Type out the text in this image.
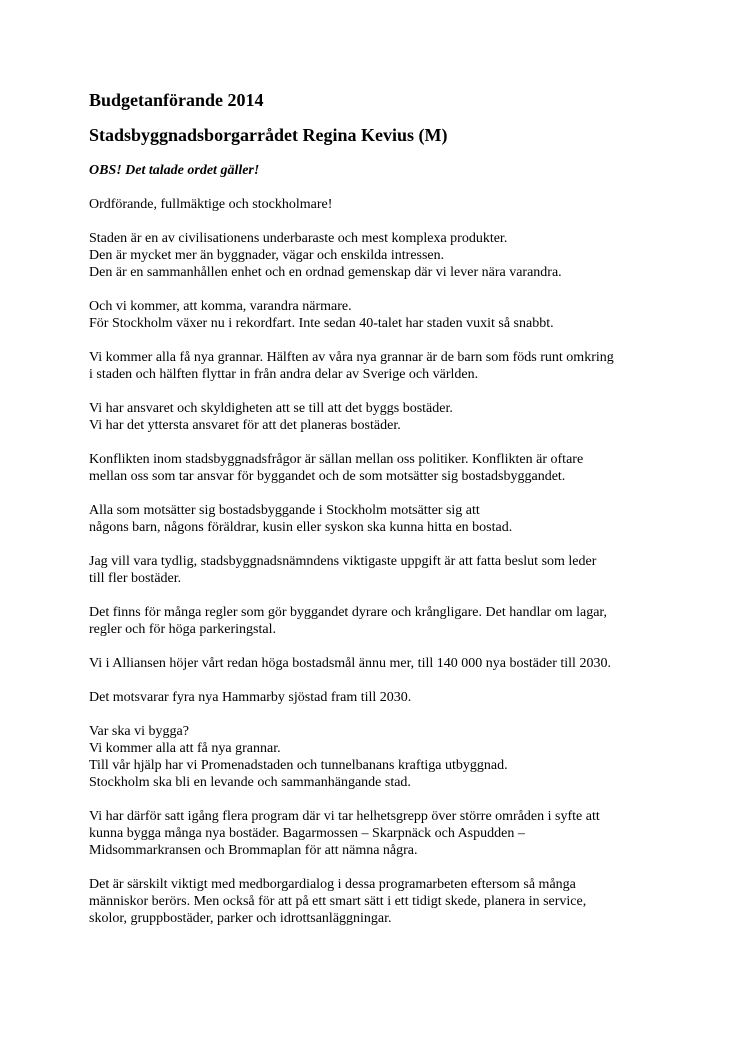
Budgetanförande 2014
Stadsbyggnadsborgarrådet Regina Kevius (M)
OBS! Det talade ordet gäller!
Ordförande, fullmäktige och stockholmare!
Staden är en av civilisationens underbaraste och mest komplexa produkter.
Den är mycket mer än byggnader, vägar och enskilda intressen.
Den är en sammanhållen enhet och en ordnad gemenskap där vi lever nära varandra.
Och vi kommer, att komma, varandra närmare.
För Stockholm växer nu i rekordfart. Inte sedan 40-talet har staden vuxit så snabbt.
Vi kommer alla få nya grannar. Hälften av våra nya grannar är de barn som föds runt omkring
i staden och hälften flyttar in från andra delar av Sverige och världen.
Vi har ansvaret och skyldigheten att se till att det byggs bostäder.
Vi har det yttersta ansvaret för att det planeras bostäder.
Konflikten inom stadsbyggnadsfrågor är sällan mellan oss politiker. Konflikten är oftare
mellan oss som tar ansvar för byggandet och de som motsätter sig bostadsbyggandet.
Alla som motsätter sig bostadsbyggande i Stockholm motsätter sig att
någons barn, någons föräldrar, kusin eller syskon ska kunna hitta en bostad.
Jag vill vara tydlig, stadsbyggnadsnämndens viktigaste uppgift är att fatta beslut som leder
till fler bostäder.
Det finns för många regler som gör byggandet dyrare och krångligare. Det handlar om lagar,
regler och för höga parkeringstal.
Vi i Alliansen höjer vårt redan höga bostadsmål ännu mer, till 140 000 nya bostäder till 2030.
Det motsvarar fyra nya Hammarby sjöstad fram till 2030.
Var ska vi bygga?
Vi kommer alla att få nya grannar.
Till vår hjälp har vi Promenadstaden och tunnelbanans kraftiga utbyggnad.
Stockholm ska bli en levande och sammanhängande stad.
Vi har därför satt igång flera program där vi tar helhetsgrepp över större områden i syfte att
kunna bygga många nya bostäder. Bagarmossen – Skarpnäck och Aspudden –
Midsommarkransen och Brommaplan för att nämna några.
Det är särskilt viktigt med medborgardialog i dessa programarbeten eftersom så många
människor berörs. Men också för att på ett smart sätt i ett tidigt skede, planera in service,
skolor, gruppbostäder, parker och idrottsanläggningar.
